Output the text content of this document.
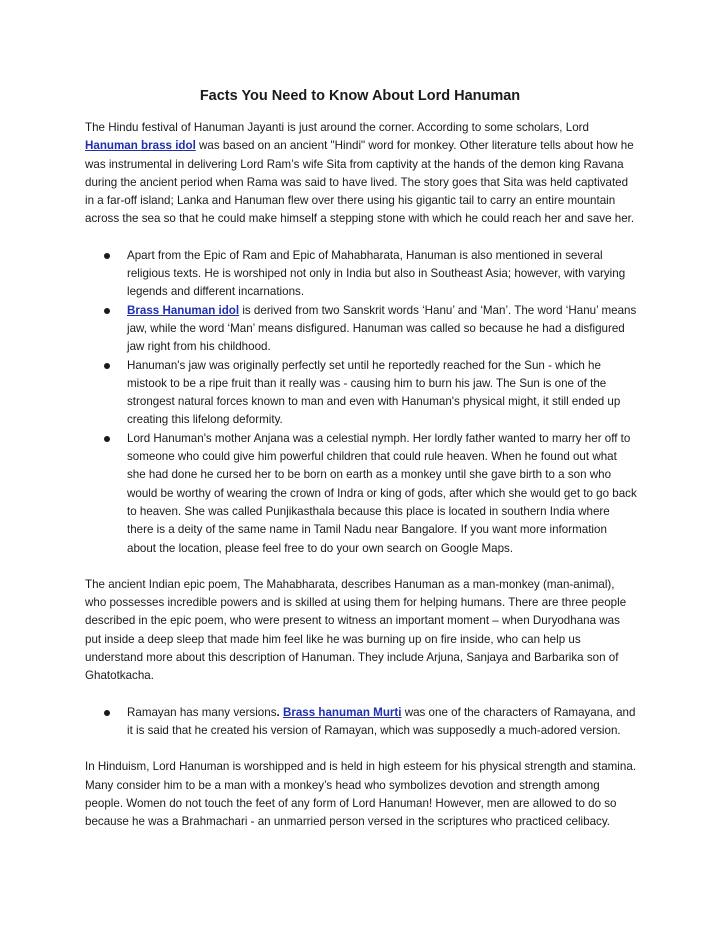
Facts You Need to Know About Lord Hanuman

The Hindu festival of Hanuman Jayanti is just around the corner. According to some scholars, Lord Hanuman brass idol was based on an ancient "Hindi" word for monkey. Other literature tells about how he was instrumental in delivering Lord Ram’s wife Sita from captivity at the hands of the demon king Ravana during the ancient period when Rama was said to have lived. The story goes that Sita was held captivated in a far-off island; Lanka and Hanuman flew over there using his gigantic tail to carry an entire mountain across the sea so that he could make himself a stepping stone with which he could reach her and save her.

Apart from the Epic of Ram and Epic of Mahabharata, Hanuman is also mentioned in several religious texts. He is worshiped not only in India but also in Southeast Asia; however, with varying legends and different incarnations.
Brass Hanuman idol is derived from two Sanskrit words ‘Hanu’ and ‘Man’. The word ‘Hanu’ means jaw, while the word ‘Man’ means disfigured. Hanuman was called so because he had a disfigured jaw right from his childhood.
Hanuman's jaw was originally perfectly set until he reportedly reached for the Sun - which he mistook to be a ripe fruit than it really was - causing him to burn his jaw. The Sun is one of the strongest natural forces known to man and even with Hanuman's physical might, it still ended up creating this lifelong deformity.
Lord Hanuman's mother Anjana was a celestial nymph. Her lordly father wanted to marry her off to someone who could give him powerful children that could rule heaven. When he found out what she had done he cursed her to be born on earth as a monkey until she gave birth to a son who would be worthy of wearing the crown of Indra or king of gods, after which she would get to go back to heaven. She was called Punjikasthala because this place is located in southern India where there is a deity of the same name in Tamil Nadu near Bangalore. If you want more information about the location, please feel free to do your own search on Google Maps.

The ancient Indian epic poem, The Mahabharata, describes Hanuman as a man-monkey (man-animal), who possesses incredible powers and is skilled at using them for helping humans. There are three people described in the epic poem, who were present to witness an important moment – when Duryodhana was put inside a deep sleep that made him feel like he was burning up on fire inside, who can help us understand more about this description of Hanuman. They include Arjuna, Sanjaya and Barbarika son of Ghatotkacha.

Ramayan has many versions. Brass hanuman Murti was one of the characters of Ramayana, and it is said that he created his version of Ramayan, which was supposedly a much-adored version.

In Hinduism, Lord Hanuman is worshipped and is held in high esteem for his physical strength and stamina. Many consider him to be a man with a monkey’s head who symbolizes devotion and strength among people. Women do not touch the feet of any form of Lord Hanuman! However, men are allowed to do so because he was a Brahmachari - an unmarried person versed in the scriptures who practiced celibacy.
